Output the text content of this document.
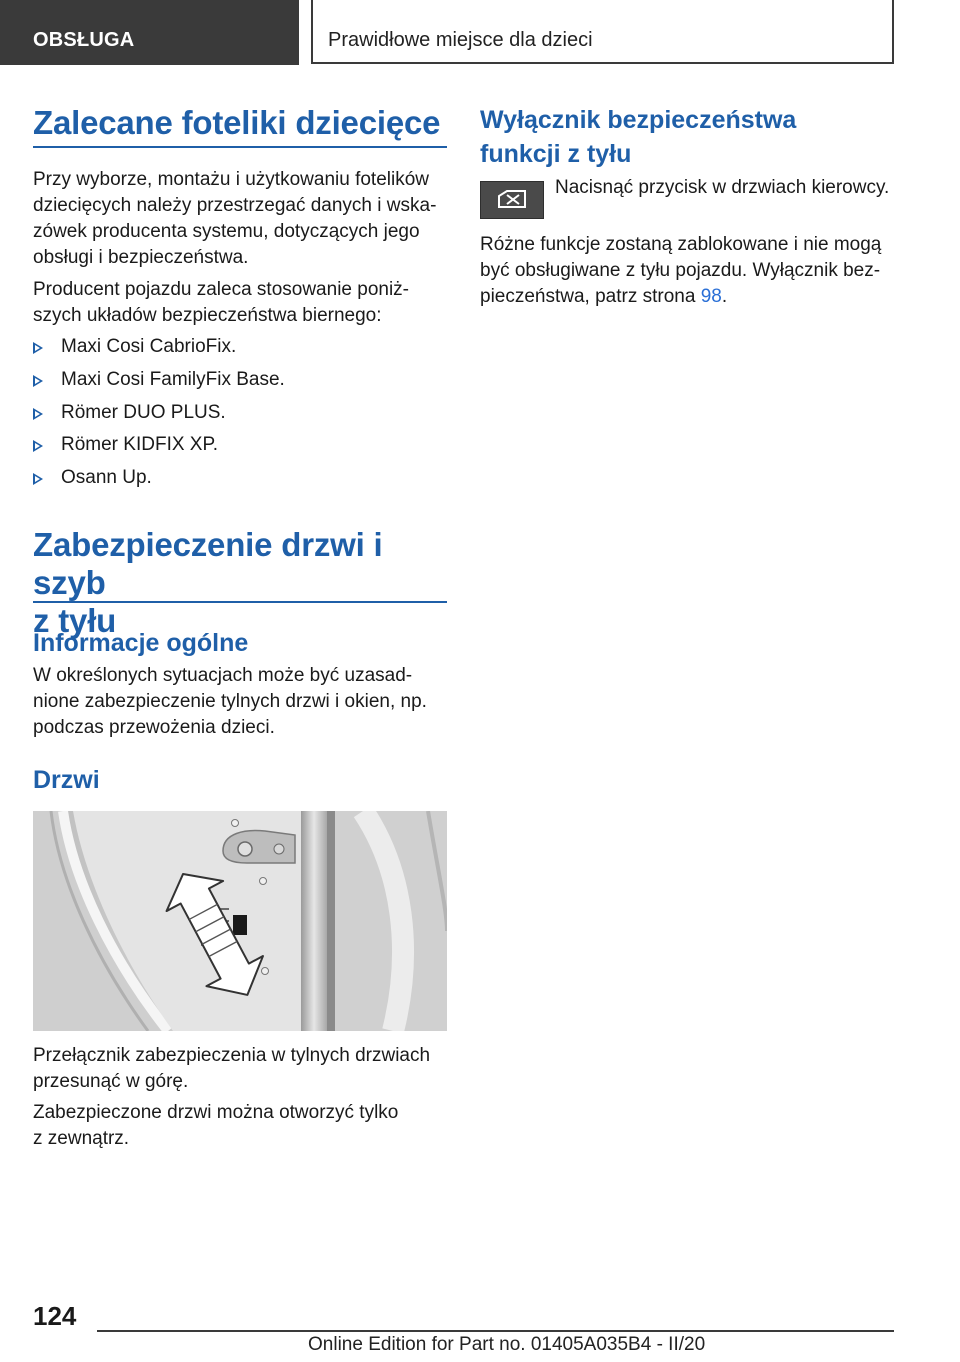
OBSŁUGA	Prawidłowe miejsce dla dzieci
Zalecane foteliki dziecięce

Przy wyborze, montażu i użytkowaniu fotelików

dziecięcych należy przestrzegać danych i wska-

zówek producenta systemu, dotyczących jego

obsługi i bezpieczeństwa.

Producent pojazdu zaleca stosowanie poniż-

szych układów bezpieczeństwa biernego:

Maxi Cosi CabrioFix.
Maxi Cosi FamilyFix Base.
Römer DUO PLUS.
Römer KIDFIX XP.
Osann Up.
Zabezpieczenie drzwi i szyb
z tyłu
Informacje ogólne

W określonych sytuacjach może być uzasad-

nione zabezpieczenie tylnych drzwi i okien, np.

podczas przewożenia dzieci.

Drzwi

Przełącznik zabezpieczenia w tylnych drzwiach

przesunąć w górę.

Zabezpieczone drzwi można otworzyć tylko

z zewnątrz.

Wyłącznik bezpieczeństwa
funkcji z tyłu

Nacisnąć przycisk w drzwiach kierowcy.

Różne funkcje zostaną zablokowane i nie mogą

być obsługiwane z tyłu pojazdu. Wyłącznik bez-

pieczeństwa, patrz strona 98.

124
Online Edition for Part no. 01405A035B4 - II/20
